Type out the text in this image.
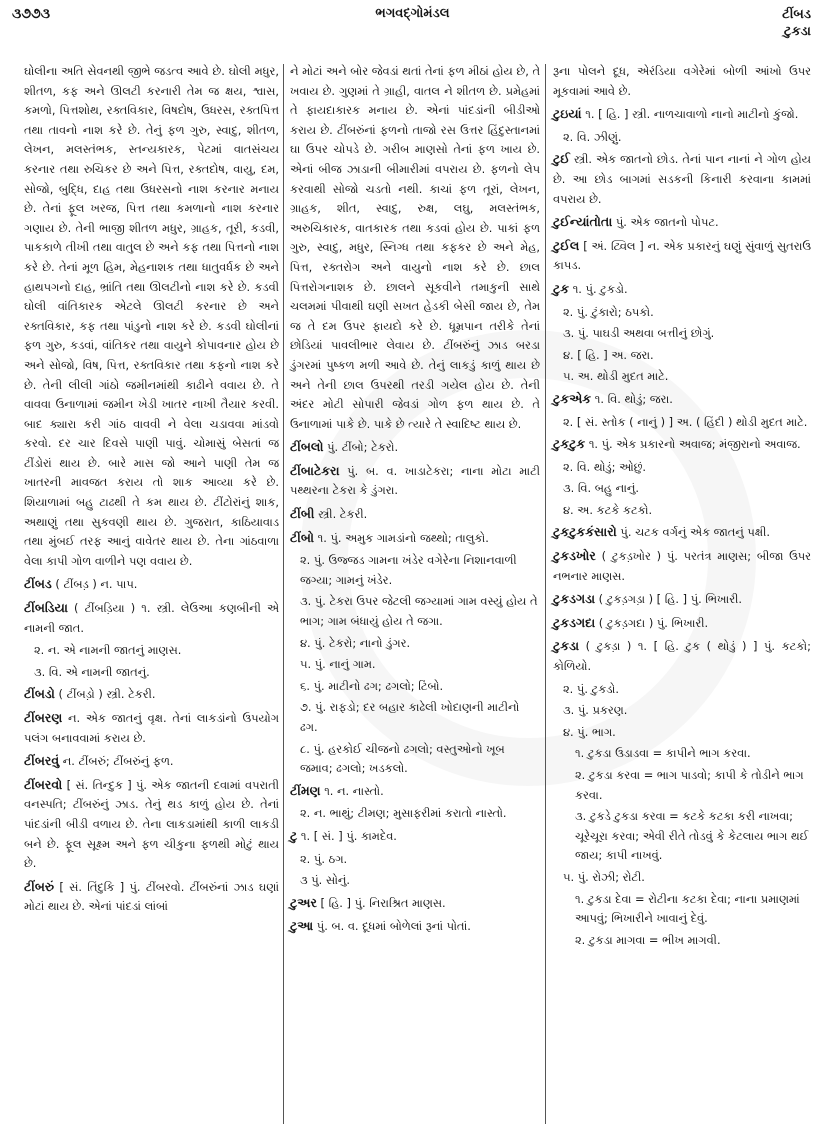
૩૭૭૩	ભગવદ્ગોમંડલ	ટીંબડ
ટુકડા

ઘોલીના અતિ સેવનથી જીભે જડત્વ આવે છે. ઘોલી મધુર, શીતળ, કફ અને ઊલટી કરનારી તેમ જ ક્ષય, શ્વાસ, કમળો, પિત્તશોથ, રક્તવિકાર, વિષદોષ, ઉધરસ, રક્તપિત્ત તથા તાવનો નાશ કરે છે. તેનું ફળ ગુરુ, સ્વાદુ, શીતળ, લેખન, મલસ્તંભક, સ્તન્યકારક, પેટમાં વાતસંચય કરનાર તથા રુચિકર છે અને પિત્ત, રક્તદોષ, વાયુ, દમ, સોજો, બુદ્ધિ, દાહ તથા ઉધરસનો નાશ કરનાર મનાય છે. તેનાં ફૂલ ખરજ, પિત્ત તથા કમળાનો નાશ કરનાર ગણાય છે. તેની ભાજી શીતળ મધુર, ગ્રાહક, તૂરી, કડવી, પાકકાળે તીખી તથા વાતુલ છે અને કફ તથા પિત્તનો નાશ કરે છે. તેનાં મૂળ હિમ, મેહનાશક તથા ધાતુવર્ધક છે અને હાથપગનો દાહ, ભ્રાંતિ તથા ઊલટીનો નાશ કરે છે. કડવી ઘોલી વાંતિકારક એટલે ઊલટી કરનાર છે અને રક્તવિકાર, કફ તથા પાંડુનો નાશ કરે છે. કડવી ઘોલીનાં ફળ ગુરુ, કડવાં, વાંતિકર તથા વાયુને કોપાવનાર હોય છે અને સોજો, વિષ, પિત્ત, રક્તવિકાર તથા કફનો નાશ કરે છે. તેની લીલી ગાંઠો જમીનમાંથી કાઢીને વવાય છે. તે વાવવા ઉનાળામાં જમીન ખેડી ખાતર નાખી તૈયાર કરવી. બાદ ક્યારા કરી ગાંઠ વાવવી ને વેલા ચડાવવા માંડવો કરવો. દર ચાર દિવસે પાણી પાવું. ચોમાસું બેસતાં જ ટીંડોરાં થાય છે. બારે માસ જો આને પાણી તેમ જ ખાતરની માવજત કરાય તો શાક આવ્યા કરે છે. શિયાળામાં બહુ ટાઢથી તે કમ થાય છે. ટીંટોરાંનું શાક, અથાણું તથા સુકવણી થાય છે. ગુજરાત, કાઠિયાવાડ તથા મુંબઈ તરફ આનું વાવેતર થાય છે. તેના ગાંઠવાળા વેલા કાપી ગોળ વાળીને પણ વવાય છે.

ટીંબડ ( ટીંબડ઼ ) ન. પાપ.

ટીંબડિયા ( ટીંબડ઼િયા ) ૧. સ્ત્રી. લેઉઆ કણબીની એ નામની જાત.

૨. ન. એ નામની જાતનું માણસ.

૩. વિ. એ નામની જાતનું.

ટીંબડો ( ટીંબડ઼ો ) સ્ત્રી. ટેકરી.

ટીંબરણ ન. એક જાતનું વૃક્ષ. તેનાં લાકડાંનો ઉપયોગ પલંગ બનાવવામાં કરાય છે.

ટીંબરવું ન. ટીંબરું; ટીંબરુંનું ફળ.

ટીંબરવો [ સં. તિન્દુક ] પું. એક જાતની દવામાં વપરાતી વનસ્પતિ; ટીંબરુંનું ઝાડ. તેનું થડ કાળું હોય છે. તેનાં પાંદડાંની બીડી વળાય છે. તેના લાકડામાંથી કાળી લાકડી બને છે. ફૂલ સૂક્ષ્મ અને ફળ ચીકુના ફળથી મોટું થાય છે.

ટીંબરું [ સં. તિંદુકિ ] પું. ટીંબરવો. ટીંબરુંનાં ઝાડ ઘણાં મોટાં થાય છે. એનાં પાંદડાં લાંબાં

ને મોટાં અને બોર જેવડાં થતાં તેનાં ફળ મીઠાં હોય છે, તે ખવાય છે. ગુણમાં તે ગ્રાહી, વાતલ ને શીતળ છે. પ્રમેહમાં તે ફાયદાકારક મનાય છે. એનાં પાંદડાંની બીડીઓ કરાય છે. ટીંબરુંનાં ફળનો તાજો રસ ઉત્તર હિંદુસ્તાનમાં ઘા ઉપર ચોપડે છે. ગરીબ માણસો તેનાં ફળ ખાય છે. એનાં બીજ ઝાડાની બીમારીમાં વપરાય છે. ફળનો લેપ કરવાથી સોજો ચડતો નથી. કાચાં ફળ તૂરાં, લેખન, ગ્રાહક, શીત, સ્વાદુ, રુક્ષ, લઘુ, મલસ્તંભક, અરુચિકારક, વાતકારક તથા કડવાં હોય છે. પાકાં ફળ ગુરુ, સ્વાદુ, મધુર, સ્નિગ્ધ તથા કફકર છે અને મેહ, પિત્ત, રક્તરોગ અને વાયુનો નાશ કરે છે. છાલ પિત્તરોગનાશક છે. છાલને સૂકવીને તમાકુની સાથે ચલમમાં પીવાથી ઘણી સખત હેડકી બેસી જાય છે, તેમ જ તે દમ ઉપર ફાયદો કરે છે. ધૂમ્રપાન તરીકે તેનાં છોડિયાં પાવલીભાર લેવાય છે. ટીંબરુંનું ઝાડ બરડા ડુંગરમાં પુષ્કળ મળી આવે છે. તેનું લાકડું કાળું થાય છે અને તેની છાલ ઉપરથી તરડી ગયેલ હોય છે. તેની અંદર મોટી સોપારી જેવડાં ગોળ ફળ થાય છે. તે ઉનાળામાં પાકે છે. પાકે છે ત્યારે તે સ્વાદિષ્ટ થાય છે.

ટીંબલો પું. ટીંબો; ટેકરો.

ટીંબાટેકરા પું. બ. વ. ખાડાટેકરા; નાના મોટા માટી પથ્થરના ટેકરા કે ડુંગરા.

ટીંબી સ્ત્રી. ટેકરી.

ટીંબો ૧. પું. અમુક ગામડાંનો જથ્થો; તાલુકો.

૨. પું. ઉજ્જડ ગામના ખંડેર વગેરેના નિશાનવાળી જગ્યા; ગામનું ખંડેર.

૩. પું. ટેકરા ઉપર જેટલી જગ્યામાં ગામ વસ્યું હોય તે ભાગ; ગામ બંધાયું હોય તે જગા.

૪. પું. ટેકરો; નાનો ડુંગર.

૫. પું. નાનું ગામ.

૬. પું. માટીનો ઢગ; ઢગલો; ટિંબો.

૭. પું. રાફડો; દર બહાર કાઢેલી ખોદાણની માટીનો ઢગ.

૮. પું. હરકોઈ ચીજનો ઢગલો; વસ્તુઓનો ખૂબ જમાવ; ઢગલો; ખડકલો.

ટીંમણ ૧. ન. નાસ્તો.

૨. ન. ભાથું; ટીમણ; મુસાફરીમાં કરાતો નાસ્તો.

ટુ ૧. [ સં. ] પું. કામદેવ.

૨. પું. ઠગ.

૩ પું. સોનું.

ટુઅર [ હિ. ] પું. નિરાશ્રિત માણસ.

ટુઆ પું. બ. વ. દૂધમાં બોળેલાં રૂનાં પોતાં.

રૂના પોલને દૂધ, એરંડિયા વગેરેમાં બોળી આંખો ઉપર મૂકવામાં આવે છે.

ટુઇયાં ૧. [ હિ. ] સ્ત્રી. નાળચાવાળો નાનો માટીનો કુંજો.

૨. વિ. ઝીણું.

ટુઈ સ્ત્રી. એક જાતનો છોડ. તેનાં પાન નાનાં ને ગોળ હોય છે. આ છોડ બાગમાં સડકની કિનારી કરવાના કામમાં વપરાય છે.

ટુઈન્યાંતોતા પું. એક જાતનો પોપટ.

ટુઈલ [ અં. ટ્વિલ ] ન. એક પ્રકારનું ઘણું સુંવાળું સુતરાઉ કાપડ.

ટુક ૧. પું. ટુકડો.

૨. પું. ટુંકારો; ઠપકો.

૩. પું. પાઘડી અથવા બત્તીનું છોગું.

૪. [ હિ. ] અ. જરા.

૫. અ. થોડી મુદત માટે.

ટુકએક ૧. વિ. થોડું; જરા.

૨. [ સં. સ્તોક ( નાનું ) ] અ. ( હિંદી ) થોડી મુદત માટે.

ટુકટુક ૧. પું. એક પ્રકારનો અવાજ; મંજીરાનો અવાજ.

૨. વિ. થોડું; ઓછું.

૩. વિ. બહુ નાનું.

૪. અ. કટકે કટકો.

ટુકટુકકંસારો પું. ચટક વર્ગનું એક જાતનું પક્ષી.

ટુકડખોર ( ટુકડ઼ખોર ) પું. પરતંત્ર માણસ; બીજા ઉપર નભનાર માણસ.

ટુકડગડા ( ટુકડ઼ગડ઼ા ) [ હિ. ] પું. ભિખારી.

ટુકડગદા ( ટુકડ઼ગદા ) પું. ભિખારી.

ટુકડા ( ટુકડ઼ા ) ૧. [ હિ. ટુક ( થોડું ) ] પું. કટકો; કોળિયો.

૨. પું. ટુકડો.

૩. પું. પ્રકરણ.

૪. પું. ભાગ.

૧. ટુકડા ઉડાડવા = કાપીને ભાગ કરવા.

૨. ટુકડા કરવા = ભાગ પાડવો; કાપી કે તોડીને ભાગ કરવા.

૩. ટુકડે ટુકડા કરવા = કટકે કટકા કરી નાખવા; ચૂરેચૂરા કરવા; એવી રીતે તોડવું કે કેટલાય ભાગ થઈ જાય; કાપી નાખવું.

૫. પું. રોઝી; રોટી.

૧. ટુકડા દેવા = રોટીના કટકા દેવા; નાના પ્રમાણમાં આપવું; ભિખારીને ખાવાનું દેવું.

૨. ટુકડા માગવા = ભીખ માગવી.
